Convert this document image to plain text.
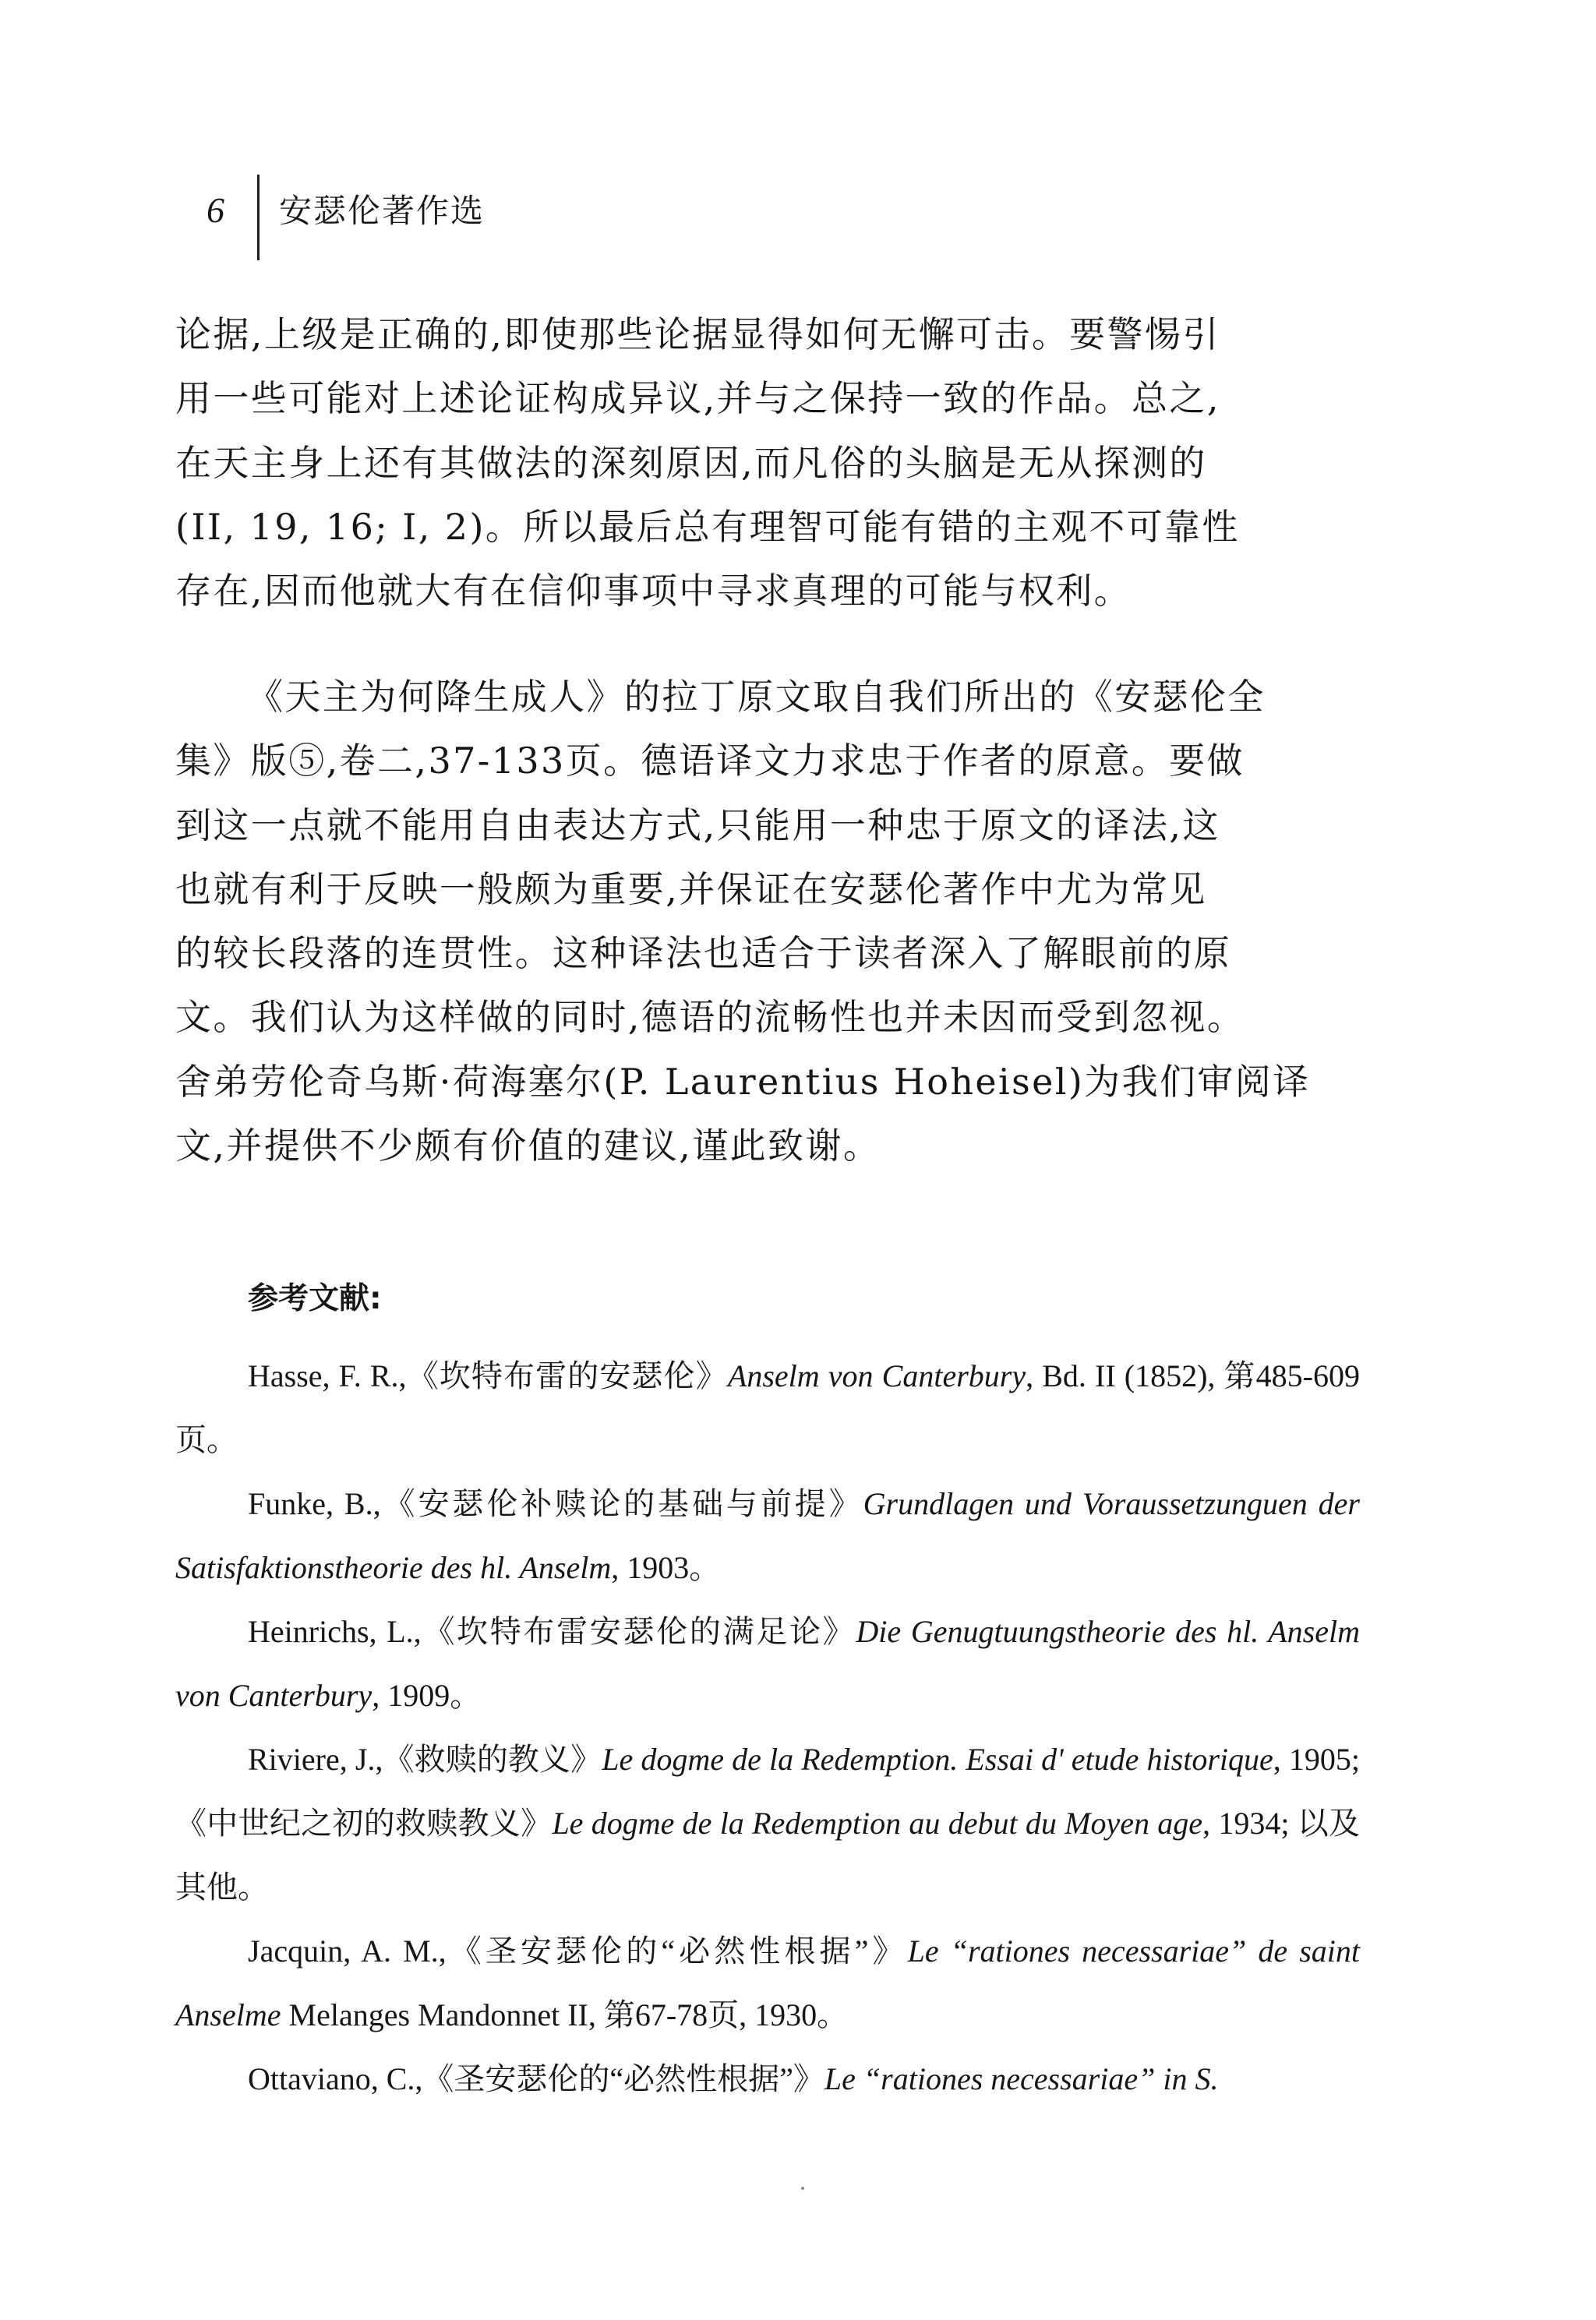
6 安瑟伦著作选
论据,上级是正确的,即使那些论据显得如何无懈可击。要警惕引
用一些可能对上述论证构成异议,并与之保持一致的作品。总之,
在天主身上还有其做法的深刻原因,而凡俗的头脑是无从探测的
(II, 19, 16; I, 2)。所以最后总有理智可能有错的主观不可靠性
存在,因而他就大有在信仰事项中寻求真理的可能与权利。
《天主为何降生成人》的拉丁原文取自我们所出的《安瑟伦全
集》版⑤,卷二,37-133页。德语译文力求忠于作者的原意。要做
到这一点就不能用自由表达方式,只能用一种忠于原文的译法,这
也就有利于反映一般颇为重要,并保证在安瑟伦著作中尤为常见
的较长段落的连贯性。这种译法也适合于读者深入了解眼前的原
文。我们认为这样做的同时,德语的流畅性也并未因而受到忽视。
舍弟劳伦奇乌斯·荷海塞尔(P. Laurentius Hoheisel)为我们审阅译
文,并提供不少颇有价值的建议,谨此致谢。
参考文献:

Hasse, F. R.,《坎特布雷的安瑟伦》Anselm von Canterbury, Bd. II (1852), 第485-609页。

Funke, B.,《安瑟伦补赎论的基础与前提》Grundlagen und Voraussetzunguen der Satisfaktionstheorie des hl. Anselm, 1903。

Heinrichs, L.,《坎特布雷安瑟伦的满足论》Die Genugtuungstheorie des hl. Anselm von Canterbury, 1909。

Riviere, J.,《救赎的教义》Le dogme de la Redemption. Essai d' etude historique, 1905;《中世纪之初的救赎教义》Le dogme de la Redemption au debut du Moyen age, 1934; 以及其他。

Jacquin, A. M.,《圣安瑟伦的“必然性根据”》Le “rationes necessariae” de saint Anselme Melanges Mandonnet II, 第67-78页, 1930。

Ottaviano, C.,《圣安瑟伦的“必然性根据”》Le “rationes necessariae” in S.
